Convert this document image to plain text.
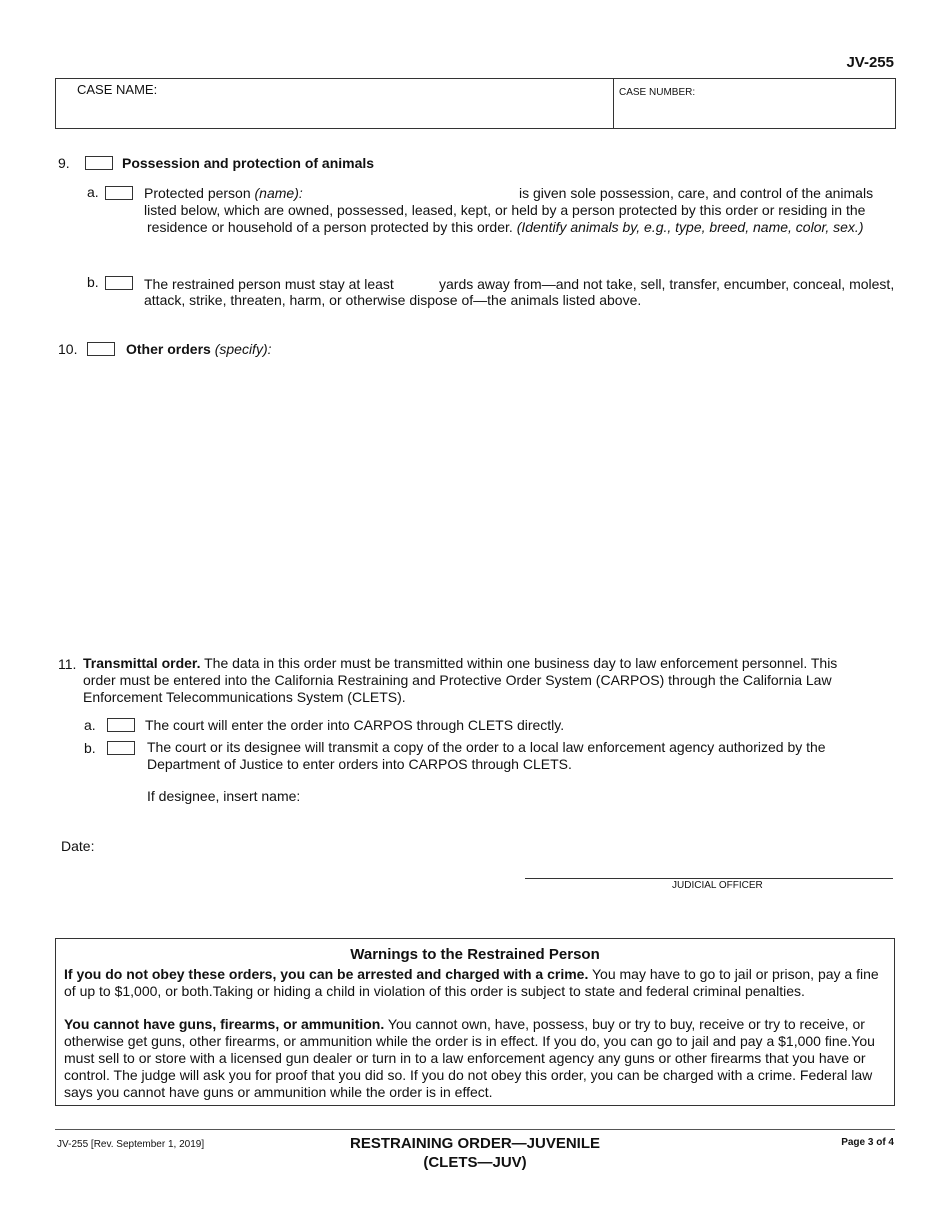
JV-255
CASE NAME:	CASE NUMBER:
9.	Possession and protection of animals
a.	Protected person (name):	is given sole possession, care, and control of the animals
listed below, which are owned, possessed, leased, kept, or held by a person protected by this order or residing in the
residence or household of a person protected by this order. (Identify animals by, e.g., type, breed, name, color, sex.)
b.	The restrained person must stay at least	yards away from—and not take, sell, transfer, encumber, conceal, molest,
attack, strike, threaten, harm, or otherwise dispose of—the animals listed above.
10.	Other orders (specify):
11. Transmittal order. The data in this order must be transmitted within one business day to law enforcement personnel. This
order must be entered into the California Restraining and Protective Order System (CARPOS) through the California Law
Enforcement Telecommunications System (CLETS).
a.	The court will enter the order into CARPOS through CLETS directly.
b.	The court or its designee will transmit a copy of the order to a local law enforcement agency authorized by the
Department of Justice to enter orders into CARPOS through CLETS.
If designee, insert name:
Date:
JUDICIAL OFFICER
Warnings to the Restrained Person
If you do not obey these orders, you can be arrested and charged with a crime. You may have to go to jail or prison, pay a fine
of up to $1,000, or both.Taking or hiding a child in violation of this order is subject to state and federal criminal penalties.
You cannot have guns, firearms, or ammunition. You cannot own, have, possess, buy or try to buy, receive or try to receive, or
otherwise get guns, other firearms, or ammunition while the order is in effect. If you do, you can go to jail and pay a $1,000 fine.You
must sell to or store with a licensed gun dealer or turn in to a law enforcement agency any guns or other firearms that you have or
control. The judge will ask you for proof that you did so. If you do not obey this order, you can be charged with a crime. Federal law
says you cannot have guns or ammunition while the order is in effect.
JV-255 [Rev. September 1, 2019]	RESTRAINING ORDER—JUVENILE
(CLETS—JUV)
Page 3 of 4
